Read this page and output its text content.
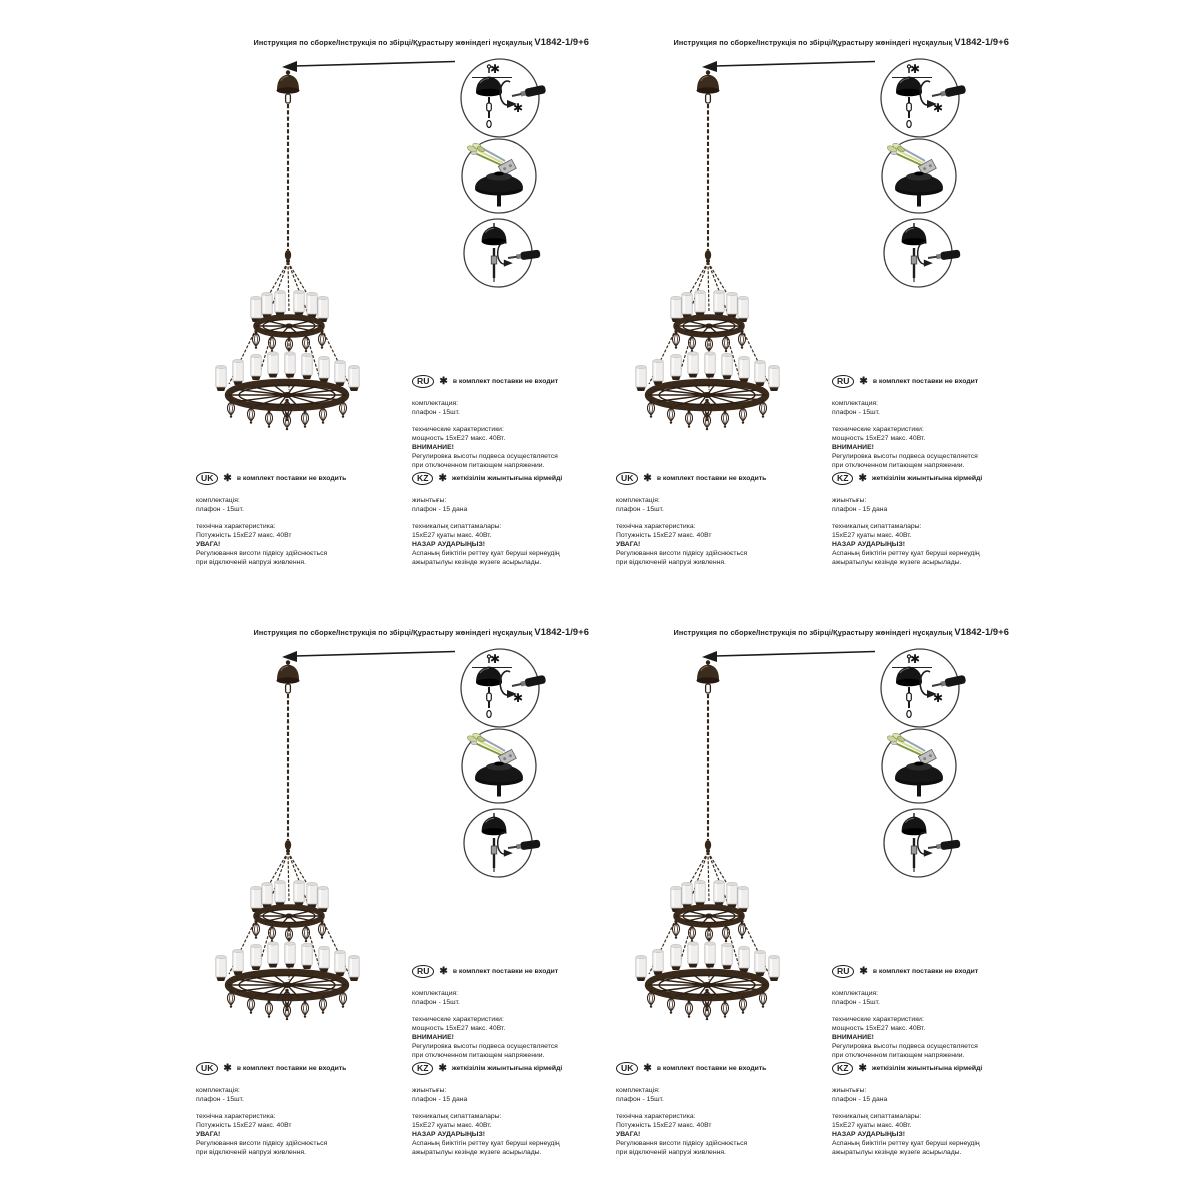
✱
✱
Инструкция по сборке/Інструкція по збірці/Құрастыру жөніндегі нұсқаулық V1842-1/9+6
RU	✱ в комплект поставки не входит
комплектация:
плафон - 15шт.
технические характеристики:
мощность 15хЕ27 макс. 40Вт.
ВНИМАНИЕ!
Регулировка высоты подвеса осуществляется
при отключенном питающем напряжении.
UK	✱ в комплект поставки не входить
комплектація:
плафон - 15шт.
технічна характеристика:
Потужність 15хЕ27 макс. 40Вт
УВАГА!
Регулювання висоти підвісу здійснюється
при відключеній напрузі живлення.
KZ	✱ жеткізілім жиынтығына кірмейді
жиынтығы:
плафон - 15 дана
техникалық сипаттамалары:
15хЕ27 қуаты макс. 40Вт.
НАЗАР АУДАРЫҢЫЗ!
Аспаның биіктігін реттеу қуат беруші кернеудің
ажыратылуы кезінде жүзеге асырылады.
✱
✱
Инструкция по сборке/Інструкція по збірці/Құрастыру жөніндегі нұсқаулық V1842-1/9+6
RU	✱ в комплект поставки не входит
комплектация:
плафон - 15шт.
технические характеристики:
мощность 15хЕ27 макс. 40Вт.
ВНИМАНИЕ!
Регулировка высоты подвеса осуществляется
при отключенном питающем напряжении.
UK	✱ в комплект поставки не входить
комплектація:
плафон - 15шт.
технічна характеристика:
Потужність 15хЕ27 макс. 40Вт
УВАГА!
Регулювання висоти підвісу здійснюється
при відключеній напрузі живлення.
KZ	✱ жеткізілім жиынтығына кірмейді
жиынтығы:
плафон - 15 дана
техникалық сипаттамалары:
15хЕ27 қуаты макс. 40Вт.
НАЗАР АУДАРЫҢЫЗ!
Аспаның биіктігін реттеу қуат беруші кернеудің
ажыратылуы кезінде жүзеге асырылады.
✱
✱
Инструкция по сборке/Інструкція по збірці/Құрастыру жөніндегі нұсқаулық V1842-1/9+6
RU	✱ в комплект поставки не входит
комплектация:
плафон - 15шт.
технические характеристики:
мощность 15хЕ27 макс. 40Вт.
ВНИМАНИЕ!
Регулировка высоты подвеса осуществляется
при отключенном питающем напряжении.
UK	✱ в комплект поставки не входить
комплектація:
плафон - 15шт.
технічна характеристика:
Потужність 15хЕ27 макс. 40Вт
УВАГА!
Регулювання висоти підвісу здійснюється
при відключеній напрузі живлення.
KZ	✱ жеткізілім жиынтығына кірмейді
жиынтығы:
плафон - 15 дана
техникалық сипаттамалары:
15хЕ27 қуаты макс. 40Вт.
НАЗАР АУДАРЫҢЫЗ!
Аспаның биіктігін реттеу қуат беруші кернеудің
ажыратылуы кезінде жүзеге асырылады.
✱
✱
Инструкция по сборке/Інструкція по збірці/Құрастыру жөніндегі нұсқаулық V1842-1/9+6
RU	✱ в комплект поставки не входит
комплектация:
плафон - 15шт.
технические характеристики:
мощность 15хЕ27 макс. 40Вт.
ВНИМАНИЕ!
Регулировка высоты подвеса осуществляется
при отключенном питающем напряжении.
UK	✱ в комплект поставки не входить
комплектація:
плафон - 15шт.
технічна характеристика:
Потужність 15хЕ27 макс. 40Вт
УВАГА!
Регулювання висоти підвісу здійснюється
при відключеній напрузі живлення.
KZ	✱ жеткізілім жиынтығына кірмейді
жиынтығы:
плафон - 15 дана
техникалық сипаттамалары:
15хЕ27 қуаты макс. 40Вт.
НАЗАР АУДАРЫҢЫЗ!
Аспаның биіктігін реттеу қуат беруші кернеудің
ажыратылуы кезінде жүзеге асырылады.
